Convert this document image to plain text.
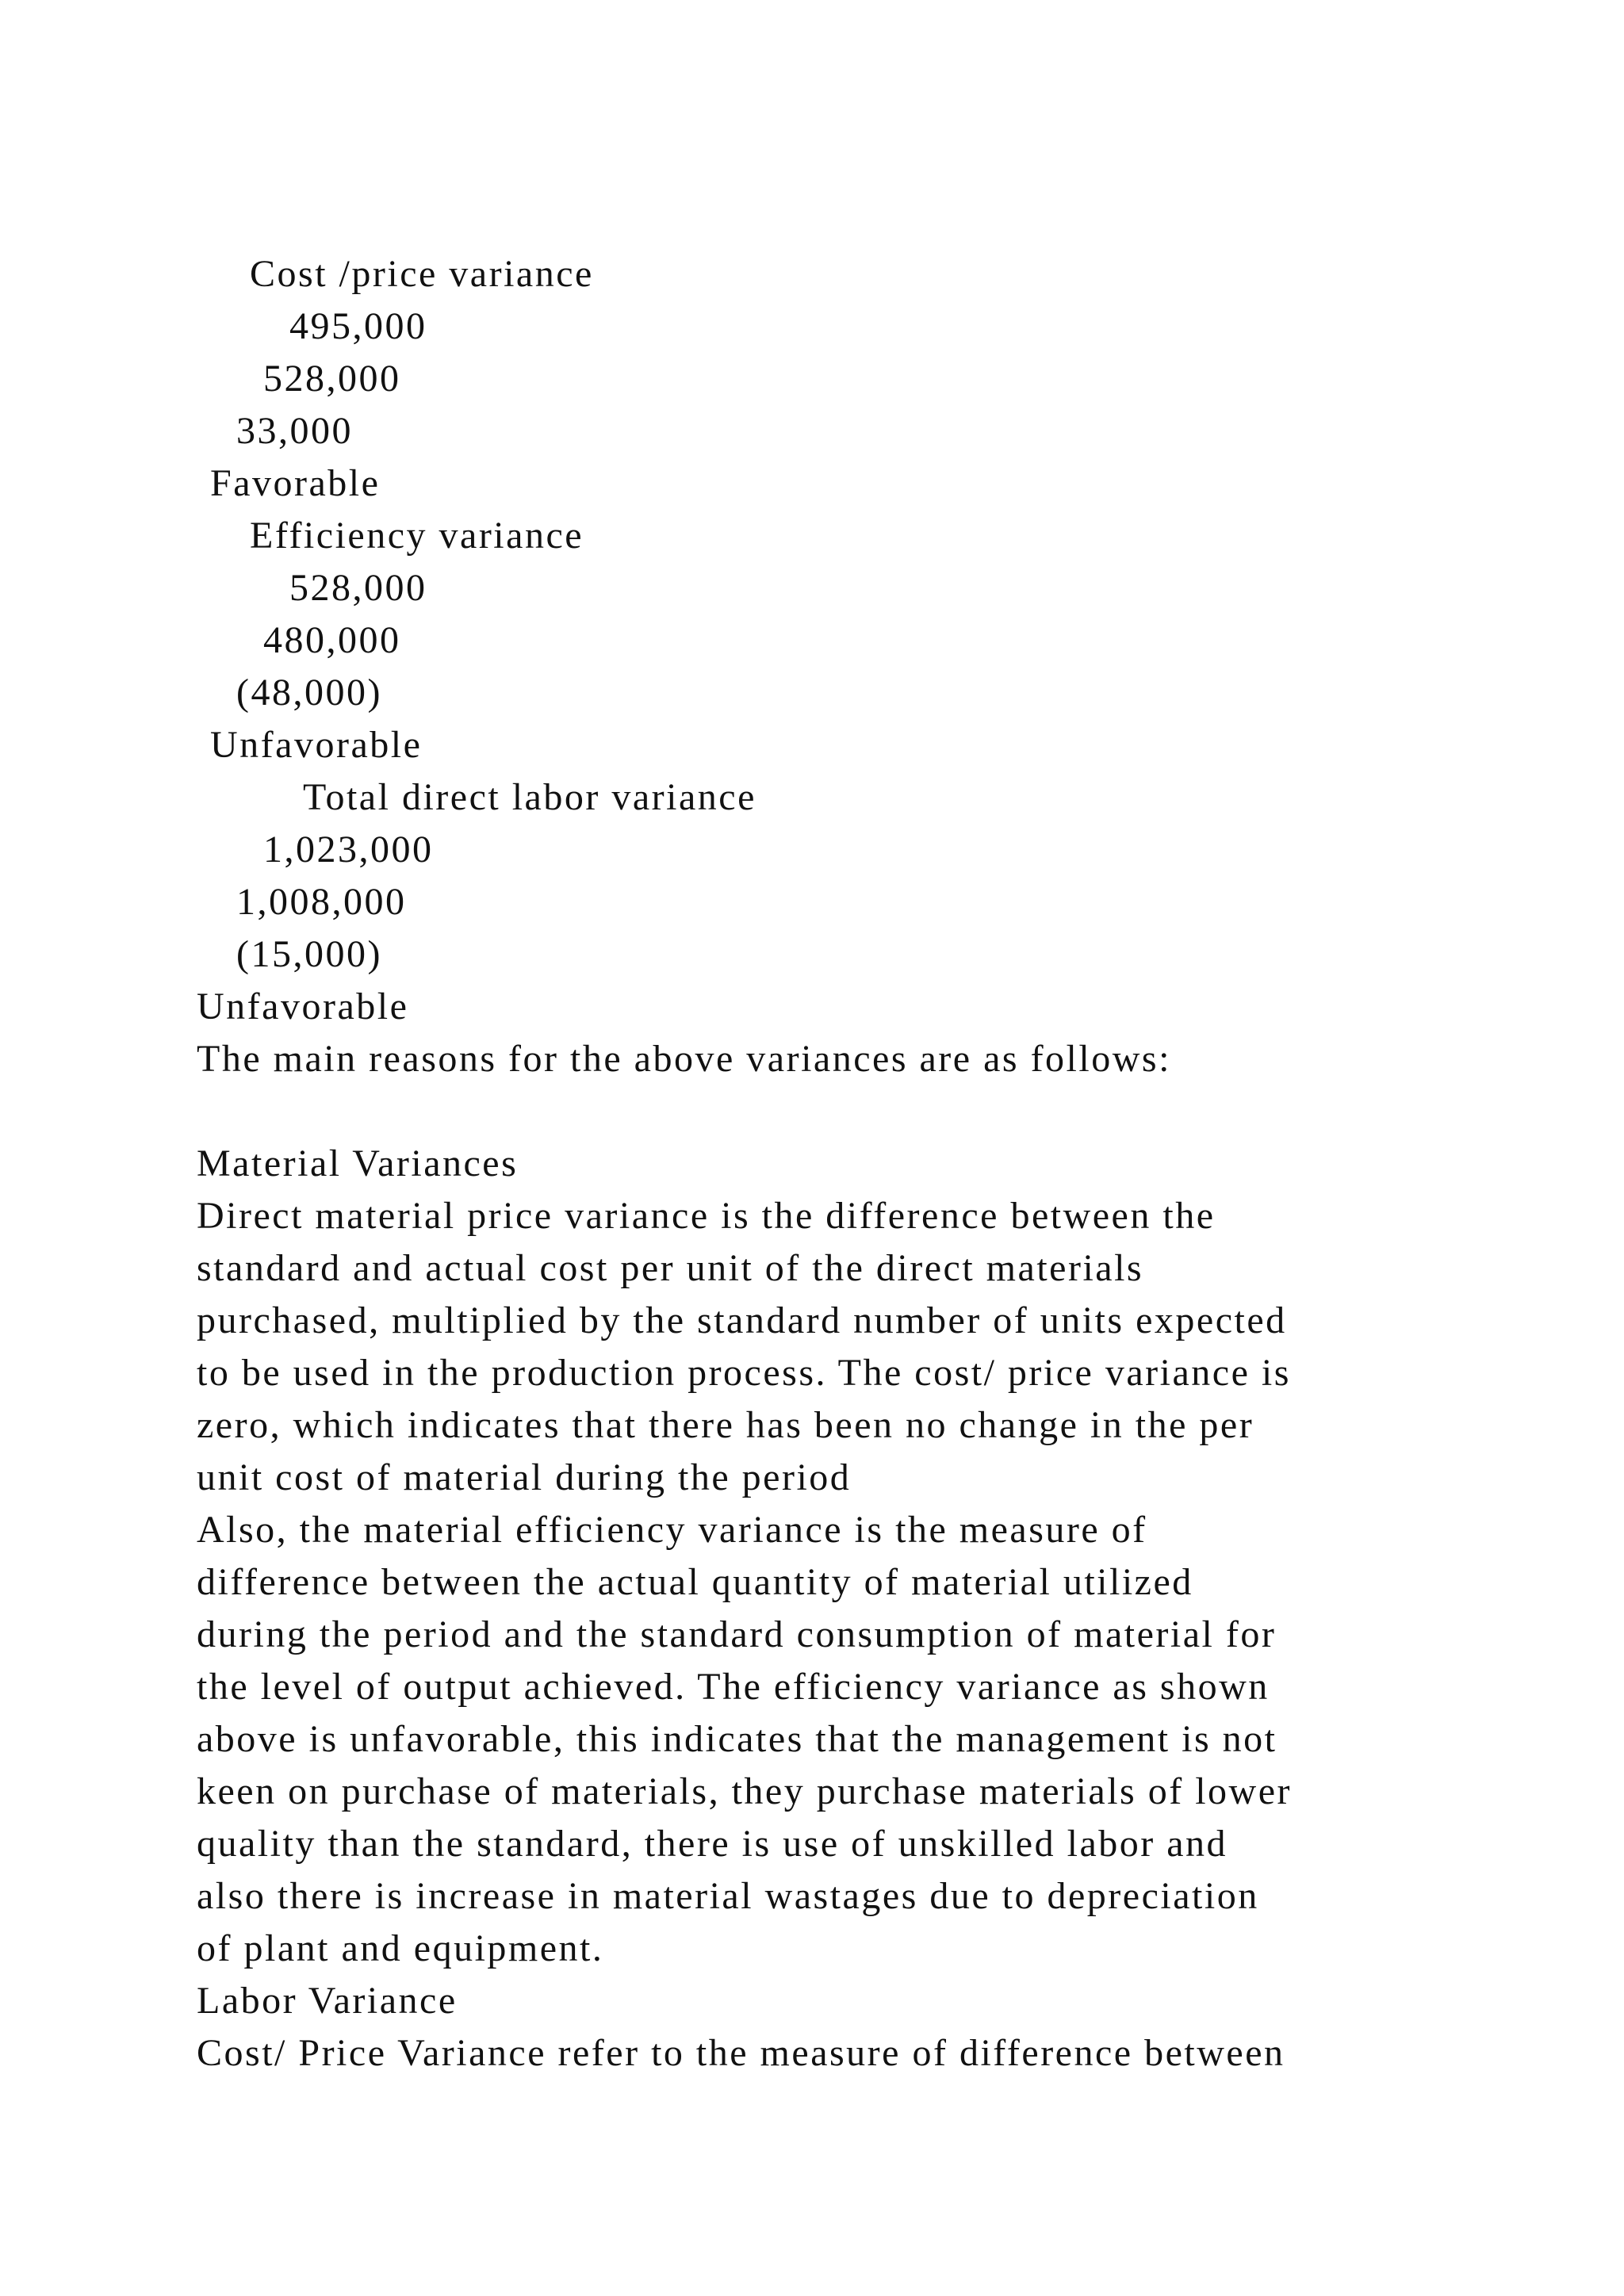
Cost /price variance

495,000

528,000

33,000

Favorable

Efficiency variance

528,000

480,000

(48,000)

Unfavorable

Total direct labor variance

1,023,000

1,008,000

(15,000)

Unfavorable

The main reasons for the above variances are as follows:

Material Variances

Direct material price variance is the difference between the

standard and actual cost per unit of the direct materials

purchased, multiplied by the standard number of units expected

to be used in the production process. The cost/ price variance is

zero, which indicates that there has been no change in the per

unit cost of material during the period

Also, the material efficiency variance is the measure of

difference between the actual quantity of material utilized

during the period and the standard consumption of material for

the level of output achieved. The efficiency variance as shown

above is unfavorable, this indicates that the management is not

keen on purchase of materials, they purchase materials of lower

quality than the standard, there is use of unskilled labor and

also there is increase in material wastages due to depreciation

of plant and equipment.

Labor Variance

Cost/ Price Variance refer to the measure of difference between
